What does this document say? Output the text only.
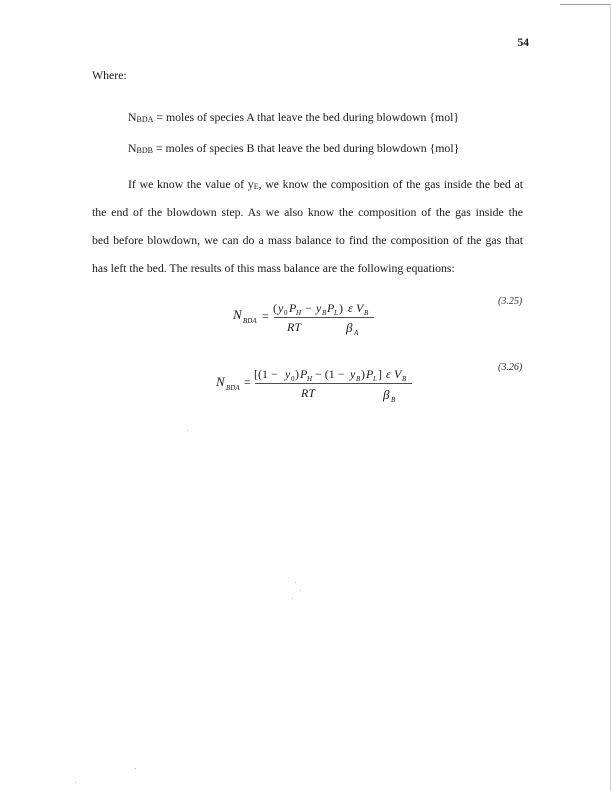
54
Where:
NBDA = moles of species A that leave the bed during blowdown {mol}
NBDB = moles of species B that leave the bed during blowdown {mol}
If we know the value of yE, we know the composition of the gas inside the bed at
the end of the blowdown step. As we also know the composition of the gas inside the
bed before blowdown, we can do a mass balance to find the composition of the gas that
has left the bed. The results of this mass balance are the following equations:
N BDA =
( y 0 P H − y B P L ) ε V B
RT	β A
(3.25)
N BDA =
[(1 − y 0 ) P H − (1 − y B ) P L ] ε V B
RT	β B
(3.26)
